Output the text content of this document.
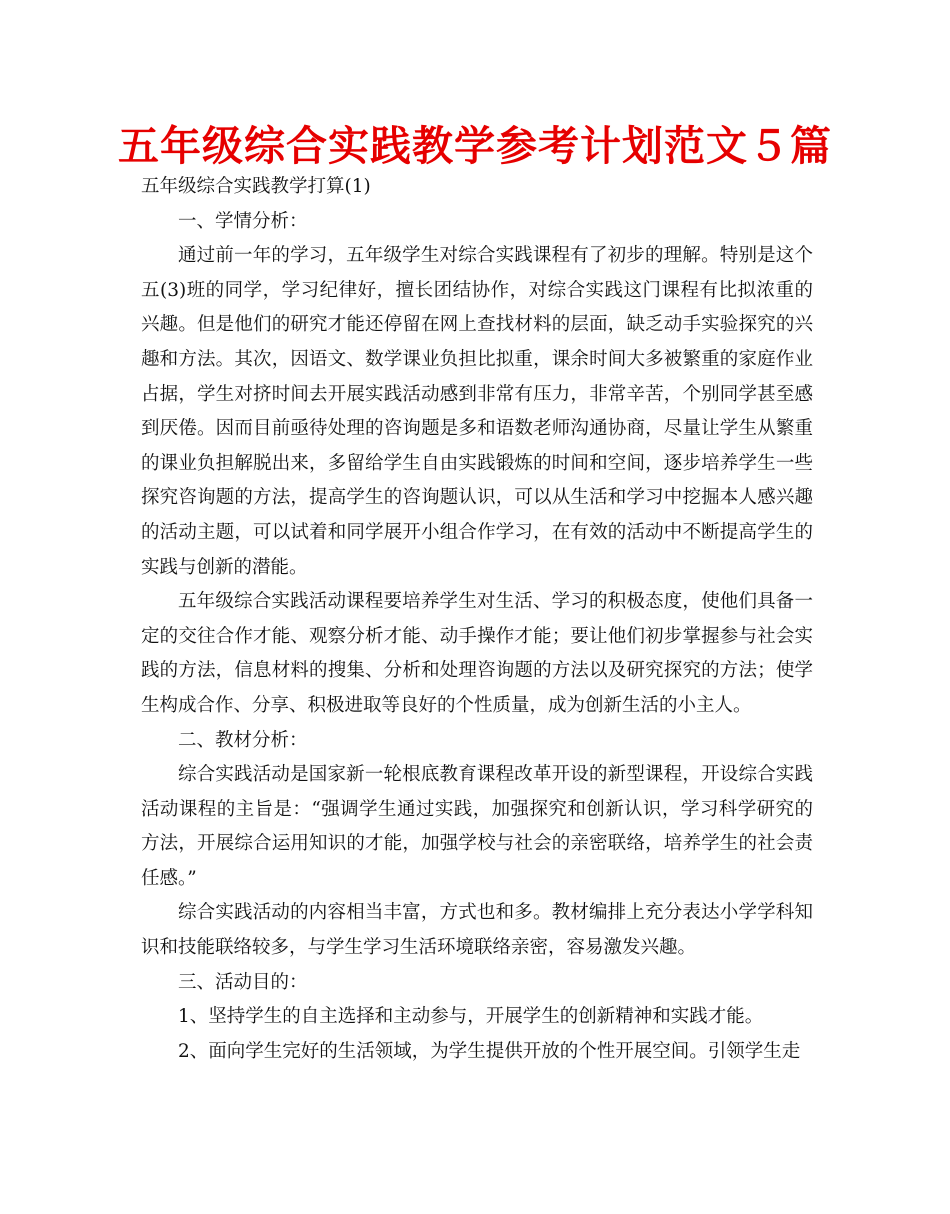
五年级综合实践教学参考计划范文５篇

五年级综合实践教学打算(1)

一、学情分析：

通过前一年的学习，五年级学生对综合实践课程有了初步的理解。特别是这个五(3)班的同学，学习纪律好，擅长团结协作，对综合实践这门课程有比拟浓重的兴趣。但是他们的研究才能还停留在网上查找材料的层面，缺乏动手实验探究的兴趣和方法。其次，因语文、数学课业负担比拟重，课余时间大多被繁重的家庭作业占据，学生对挤时间去开展实践活动感到非常有压力，非常辛苦，个别同学甚至感到厌倦。因而目前亟待处理的咨询题是多和语数老师沟通协商，尽量让学生从繁重的课业负担解脱出来，多留给学生自由实践锻炼的时间和空间，逐步培养学生一些探究咨询题的方法，提高学生的咨询题认识，可以从生活和学习中挖掘本人感兴趣的活动主题，可以试着和同学展开小组合作学习，在有效的活动中不断提高学生的实践与创新的潜能。

五年级综合实践活动课程要培养学生对生活、学习的积极态度，使他们具备一定的交往合作才能、观察分析才能、动手操作才能；要让他们初步掌握参与社会实践的方法，信息材料的搜集、分析和处理咨询题的方法以及研究探究的方法；使学生构成合作、分享、积极进取等良好的个性质量，成为创新生活的小主人。

二、教材分析：

综合实践活动是国家新一轮根底教育课程改革开设的新型课程，开设综合实践活动课程的主旨是：“强调学生通过实践，加强探究和创新认识，学习科学研究的方法，开展综合运用知识的才能，加强学校与社会的亲密联络，培养学生的社会责任感。”

综合实践活动的内容相当丰富，方式也和多。教材编排上充分表达小学学科知识和技能联络较多，与学生学习生活环境联络亲密，容易激发兴趣。

三、活动目的：

1、坚持学生的自主选择和主动参与，开展学生的创新精神和实践才能。

2、面向学生完好的生活领域，为学生提供开放的个性开展空间。引领学生走
